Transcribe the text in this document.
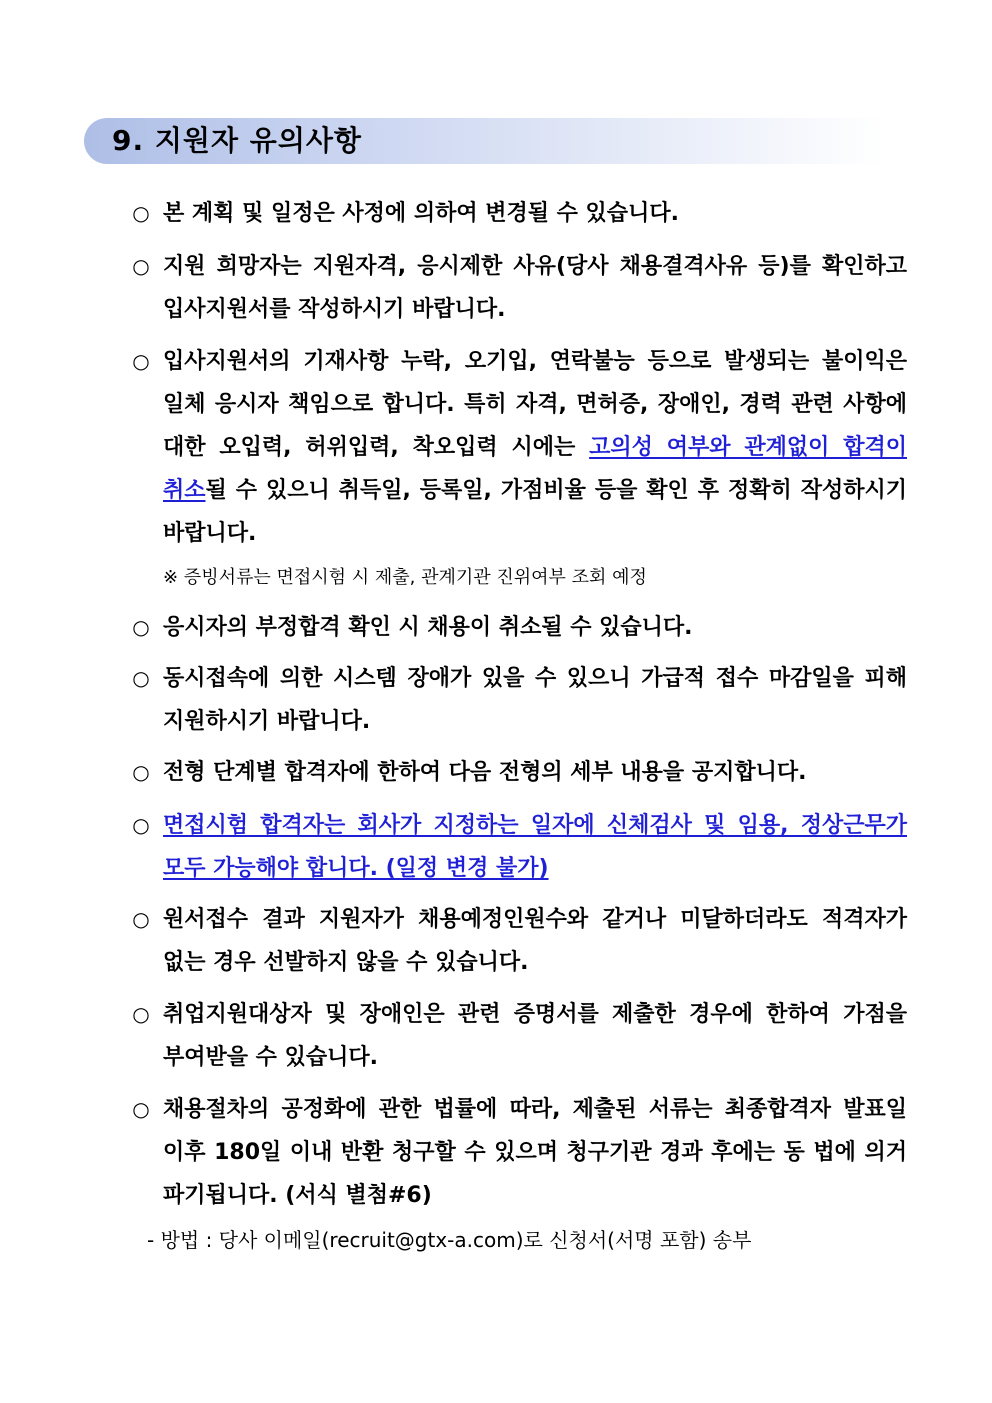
9. 지원자 유의사항
○ 본 계획 및 일정은 사정에 의하여 변경될 수 있습니다.
○ 지원 희망자는 지원자격, 응시제한 사유(당사 채용결격사유 등)를 확인하고 입사지원서를 작성하시기 바랍니다.
○ 입사지원서의 기재사항 누락, 오기입, 연락불능 등으로 발생되는 불이익은 일체 응시자 책임으로 합니다. 특히 자격, 면허증, 장애인, 경력 관련 사항에 대한 오입력, 허위입력, 착오입력 시에는 고의성 여부와 관계없이 합격이 취소될 수 있으니 취득일, 등록일, 가점비율 등을 확인 후 정확히 작성하시기 바랍니다.
※ 증빙서류는 면접시험 시 제출, 관계기관 진위여부 조회 예정
○ 응시자의 부정합격 확인 시 채용이 취소될 수 있습니다.
○ 동시접속에 의한 시스템 장애가 있을 수 있으니 가급적 접수 마감일을 피해 지원하시기 바랍니다.
○ 전형 단계별 합격자에 한하여 다음 전형의 세부 내용을 공지합니다.
○ 면접시험 합격자는 회사가 지정하는 일자에 신체검사 및 임용, 정상근무가 모두 가능해야 합니다. (일정 변경 불가)
○ 원서접수 결과 지원자가 채용예정인원수와 같거나 미달하더라도 적격자가 없는 경우 선발하지 않을 수 있습니다.
○ 취업지원대상자 및 장애인은 관련 증명서를 제출한 경우에 한하여 가점을 부여받을 수 있습니다.
○ 채용절차의 공정화에 관한 법률에 따라, 제출된 서류는 최종합격자 발표일 이후 180일 이내 반환 청구할 수 있으며 청구기관 경과 후에는 동 법에 의거 파기됩니다. (서식 별첨#6)
- 방법 : 당사 이메일(recruit@gtx-a.com)로 신청서(서명 포함) 송부
